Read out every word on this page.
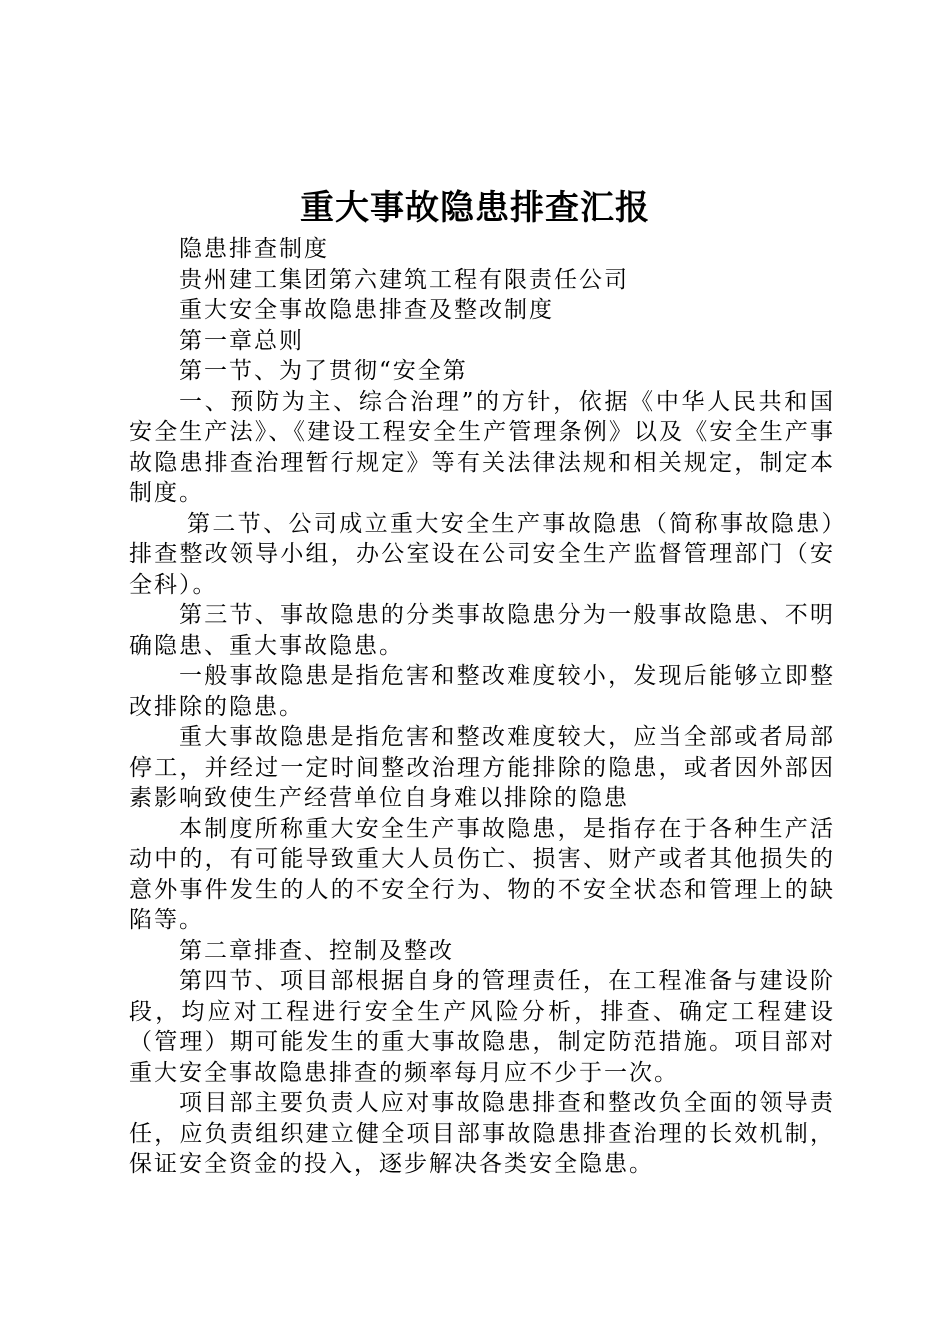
重大事故隐患排查汇报

隐患排查制度

贵州建工集团第六建筑工程有限责任公司

重大安全事故隐患排查及整改制度

第一章总则

第一节、为了贯彻“安全第

一、预防为主、综合治理”的方针，依据《中华人民共和国安全生产法》、《建设工程安全生产管理条例》以及《安全生产事故隐患排查治理暂行规定》等有关法律法规和相关规定，制定本制度。

第二节、公司成立重大安全生产事故隐患（简称事故隐患）排查整改领导小组，办公室设在公司安全生产监督管理部门（安全科）。

第三节、事故隐患的分类事故隐患分为一般事故隐患、不明确隐患、重大事故隐患。

一般事故隐患是指危害和整改难度较小，发现后能够立即整改排除的隐患。

重大事故隐患是指危害和整改难度较大，应当全部或者局部停工，并经过一定时间整改治理方能排除的隐患，或者因外部因素影响致使生产经营单位自身难以排除的隐患

本制度所称重大安全生产事故隐患，是指存在于各种生产活动中的，有可能导致重大人员伤亡、损害、财产或者其他损失的意外事件发生的人的不安全行为、物的不安全状态和管理上的缺陷等。

第二章排查、控制及整改

第四节、项目部根据自身的管理责任，在工程准备与建设阶段，均应对工程进行安全生产风险分析，排查、确定工程建设（管理）期可能发生的重大事故隐患，制定防范措施。项目部对重大安全事故隐患排查的频率每月应不少于一次。

项目部主要负责人应对事故隐患排查和整改负全面的领导责任，应负责组织建立健全项目部事故隐患排查治理的长效机制，保证安全资金的投入，逐步解决各类安全隐患。
